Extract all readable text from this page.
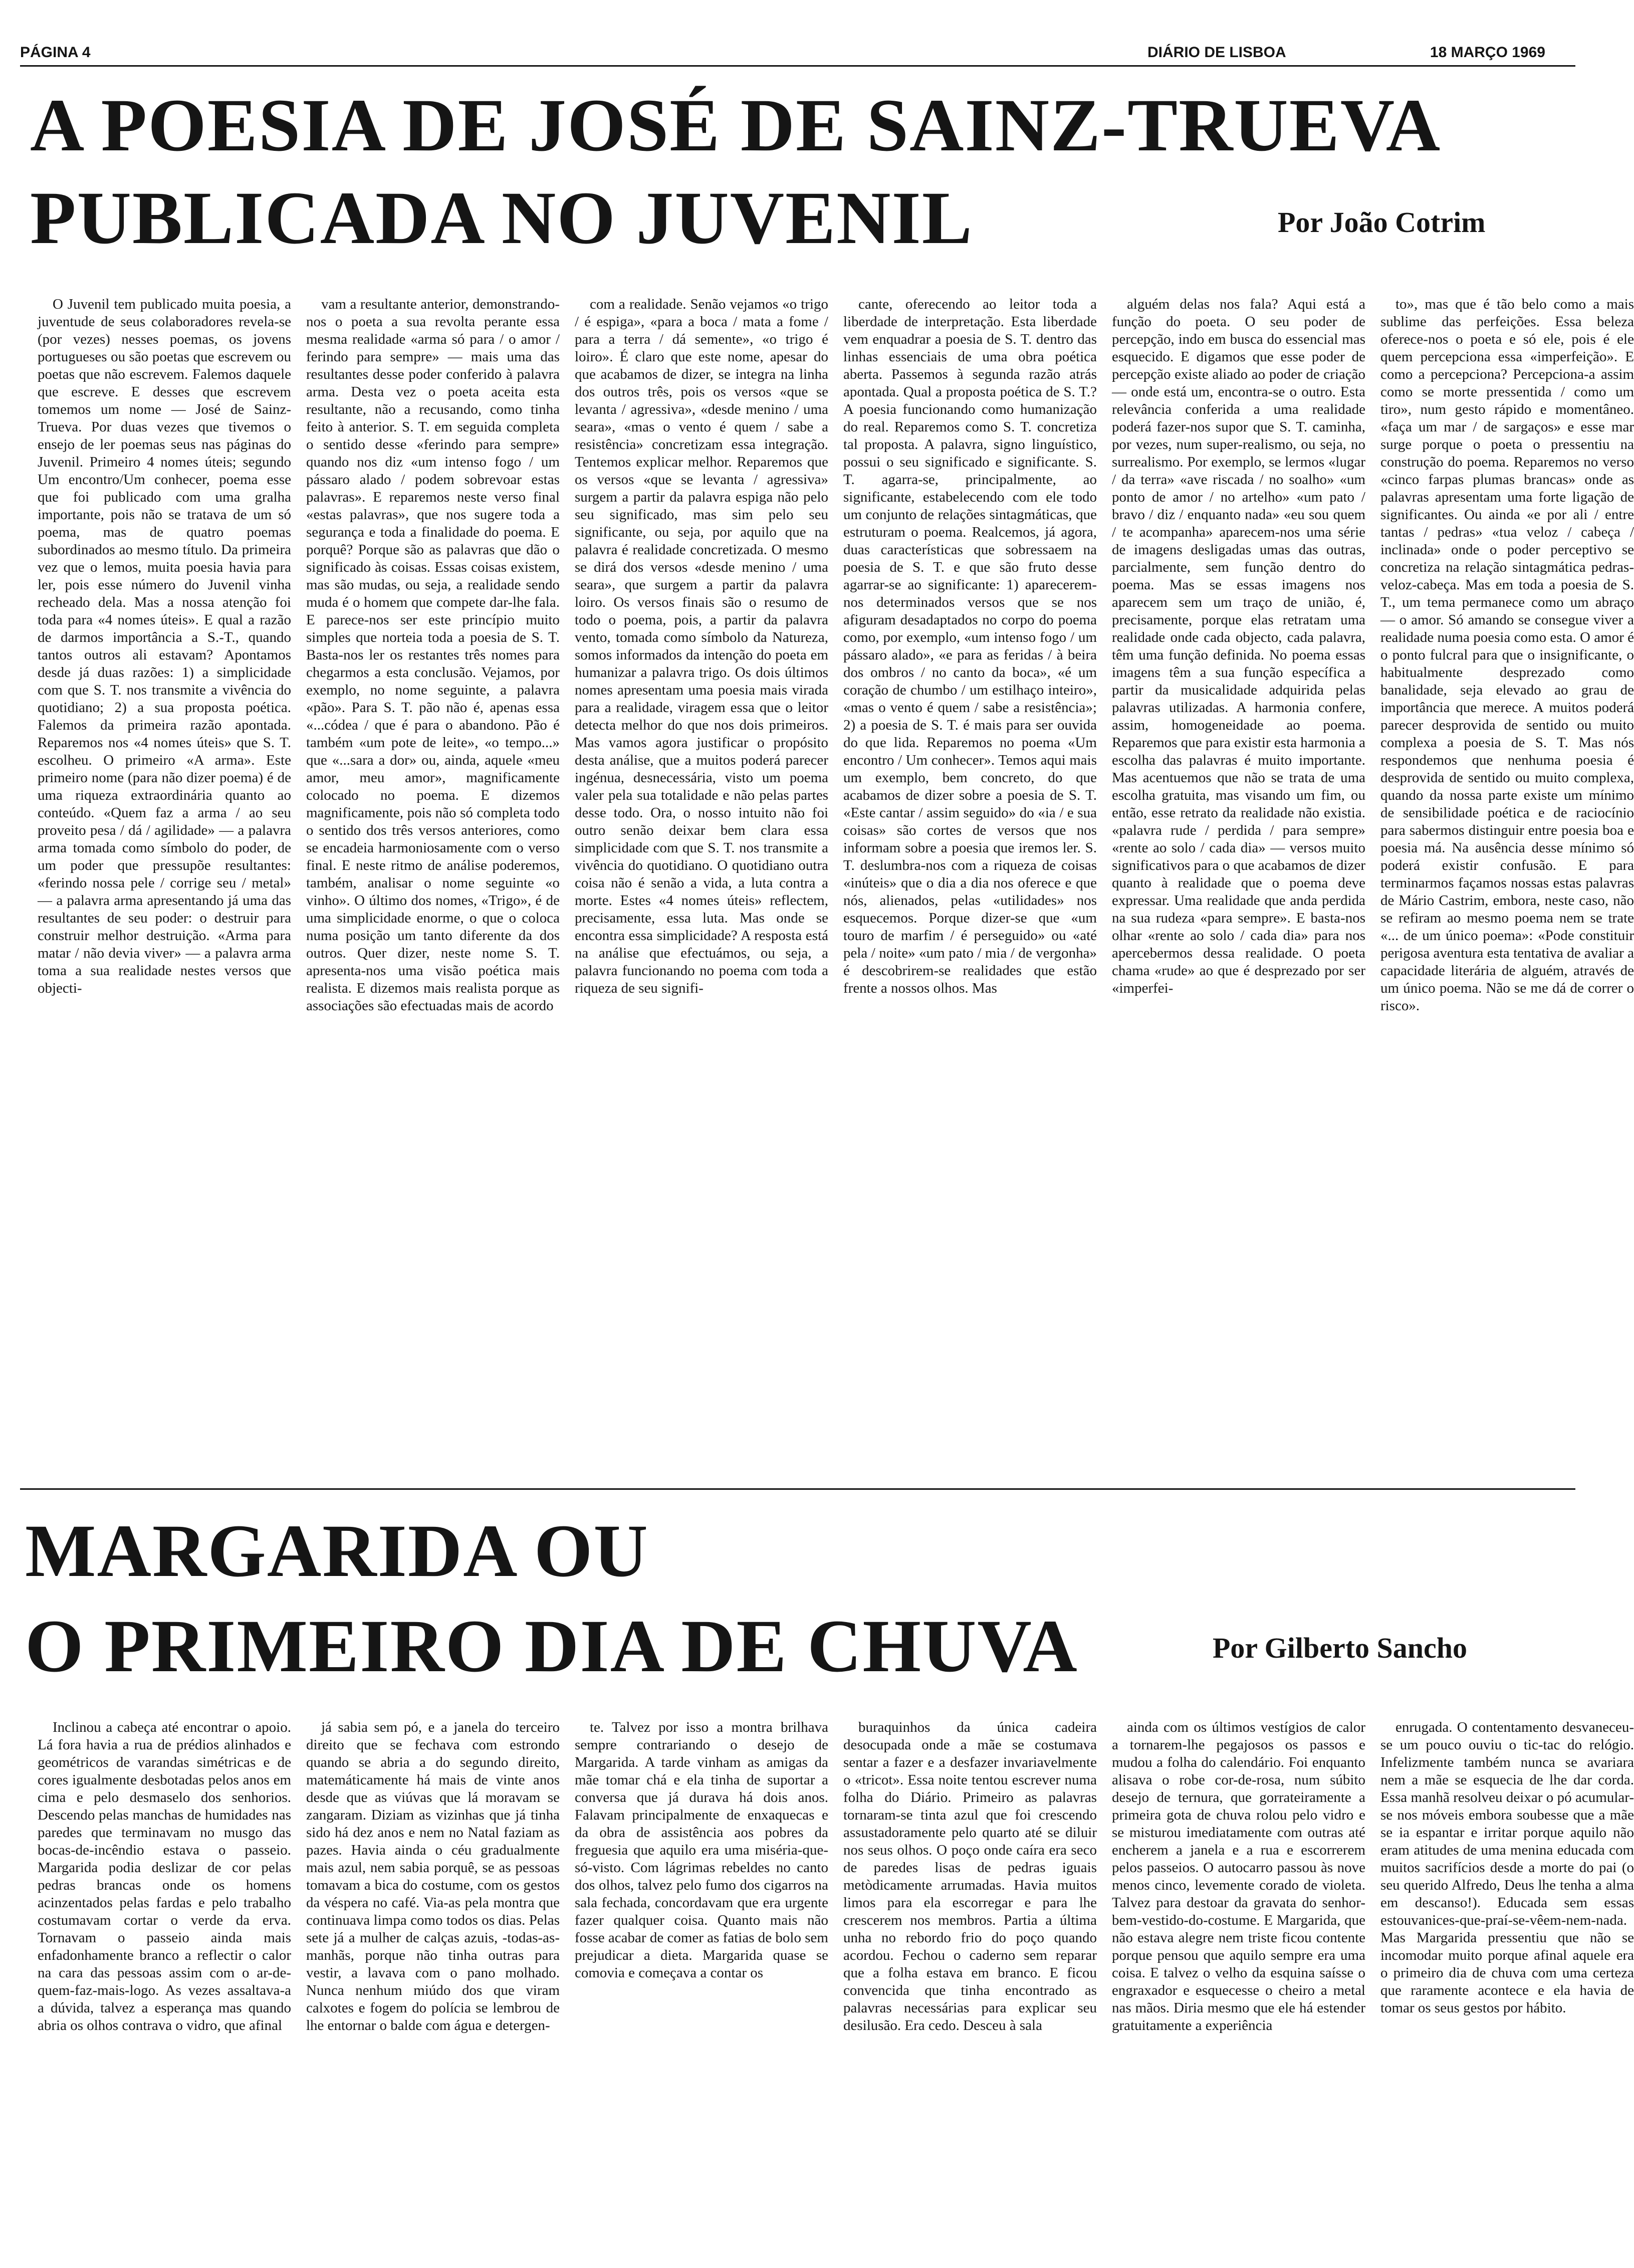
PÁGINA 4	DIÁRIO DE LISBOA	18 MARÇO 1969
A POESIA DE JOSÉ DE SAINZ-TRUEVA
PUBLICADA NO JUVENIL	Por João Cotrim

O Juvenil tem publicado muita poesia, a juventude de seus colaboradores revela-se (por vezes) nesses poemas, os jovens portugueses ou são poetas que escrevem ou poetas que não escrevem. Falemos daquele que escreve. E desses que escrevem tomemos um nome — José de Sainz-Trueva. Por duas vezes que tivemos o ensejo de ler poemas seus nas páginas do Juvenil. Primeiro 4 nomes úteis; segundo Um encontro/Um conhecer, poema esse que foi publicado com uma gralha importante, pois não se tratava de um só poema, mas de quatro poemas subordinados ao mesmo título. Da primeira vez que o lemos, muita poesia havia para ler, pois esse número do Juvenil vinha recheado dela. Mas a nossa atenção foi toda para «4 nomes úteis». E qual a razão de darmos importância a S.-T., quando tantos outros ali estavam? Apontamos desde já duas razões: 1) a simplicidade com que S. T. nos transmite a vivência do quotidiano; 2) a sua proposta poética. Falemos da primeira razão apontada. Reparemos nos «4 nomes úteis» que S. T. escolheu. O primeiro «A arma». Este primeiro nome (para não dizer poema) é de uma riqueza extraordinária quanto ao conteúdo. «Quem faz a arma / ao seu proveito pesa / dá / agilidade» — a palavra arma tomada como símbolo do poder, de um poder que pressupõe resultantes: «ferindo nossa pele / corrige seu / metal» — a palavra arma apresentando já uma das resultantes de seu poder: o destruir para construir melhor destruição. «Arma para matar / não devia viver» — a palavra arma toma a sua realidade nestes versos que objecti-

vam a resultante anterior, demonstrando-nos o poeta a sua revolta perante essa mesma realidade «arma só para / o amor / ferindo para sempre» — mais uma das resultantes desse poder conferido à palavra arma. Desta vez o poeta aceita esta resultante, não a recusando, como tinha feito à anterior. S. T. em seguida completa o sentido desse «ferindo para sempre» quando nos diz «um intenso fogo / um pássaro alado / podem sobrevoar estas palavras». E reparemos neste verso final «estas palavras», que nos sugere toda a segurança e toda a finalidade do poema. E porquê? Porque são as palavras que dão o significado às coisas. Essas coisas existem, mas são mudas, ou seja, a realidade sendo muda é o homem que compete dar-lhe fala. E parece-nos ser este princípio muito simples que norteia toda a poesia de S. T. Basta-nos ler os restantes três nomes para chegarmos a esta conclusão. Vejamos, por exemplo, no nome seguinte, a palavra «pão». Para S. T. pão não é, apenas essa «...códea / que é para o abandono. Pão é também «um pote de leite», «o tempo...» que «...sara a dor» ou, ainda, aquele «meu amor, meu amor», magnificamente colocado no poema. E dizemos magnificamente, pois não só completa todo o sentido dos três versos anteriores, como se encadeia harmoniosamente com o verso final. E neste ritmo de análise poderemos, também, analisar o nome seguinte «o vinho». O último dos nomes, «Trigo», é de uma simplicidade enorme, o que o coloca numa posição um tanto diferente da dos outros. Quer dizer, neste nome S. T. apresenta-nos uma visão poética mais realista. E dizemos mais realista porque as associações são efectuadas mais de acordo

com a realidade. Senão vejamos «o trigo / é espiga», «para a boca / mata a fome / para a terra / dá semente», «o trigo é loiro». É claro que este nome, apesar do que acabamos de dizer, se integra na linha dos outros três, pois os versos «que se levanta / agressiva», «desde menino / uma seara», «mas o vento é quem / sabe a resistência» concretizam essa integração. Tentemos explicar melhor. Reparemos que os versos «que se levanta / agressiva» surgem a partir da palavra espiga não pelo seu significado, mas sim pelo seu significante, ou seja, por aquilo que na palavra é realidade concretizada. O mesmo se dirá dos versos «desde menino / uma seara», que surgem a partir da palavra loiro. Os versos finais são o resumo de todo o poema, pois, a partir da palavra vento, tomada como símbolo da Natureza, somos informados da intenção do poeta em humanizar a palavra trigo. Os dois últimos nomes apresentam uma poesia mais virada para a realidade, viragem essa que o leitor detecta melhor do que nos dois primeiros. Mas vamos agora justificar o propósito desta análise, que a muitos poderá parecer ingénua, desnecessária, visto um poema valer pela sua totalidade e não pelas partes desse todo. Ora, o nosso intuito não foi outro senão deixar bem clara essa simplicidade com que S. T. nos transmite a vivência do quotidiano. O quotidiano outra coisa não é senão a vida, a luta contra a morte. Estes «4 nomes úteis» reflectem, precisamente, essa luta. Mas onde se encontra essa simplicidade? A resposta está na análise que efectuámos, ou seja, a palavra funcionando no poema com toda a riqueza de seu signifi-

cante, oferecendo ao leitor toda a liberdade de interpretação. Esta liberdade vem enquadrar a poesia de S. T. dentro das linhas essenciais de uma obra poética aberta. Passemos à segunda razão atrás apontada. Qual a proposta poética de S. T.? A poesia funcionando como humanização do real. Reparemos como S. T. concretiza tal proposta. A palavra, signo linguístico, possui o seu significado e significante. S. T. agarra-se, principalmente, ao significante, estabelecendo com ele todo um conjunto de relações sintagmáticas, que estruturam o poema. Realcemos, já agora, duas características que sobressaem na poesia de S. T. e que são fruto desse agarrar-se ao significante: 1) aparecerem-nos determinados versos que se nos afiguram desadaptados no corpo do poema como, por exemplo, «um intenso fogo / um pássaro alado», «e para as feridas / à beira dos ombros / no canto da boca», «é um coração de chumbo / um estilhaço inteiro», «mas o vento é quem / sabe a resistência»; 2) a poesia de S. T. é mais para ser ouvida do que lida. Reparemos no poema «Um encontro / Um conhecer». Temos aqui mais um exemplo, bem concreto, do que acabamos de dizer sobre a poesia de S. T. «Este cantar / assim seguido» do «ia / e sua coisas» são cortes de versos que nos informam sobre a poesia que iremos ler. S. T. deslumbra-nos com a riqueza de coisas «inúteis» que o dia a dia nos oferece e que nós, alienados, pelas «utilidades» nos esquecemos. Porque dizer-se que «um touro de marfim / é perseguido» ou «até pela / noite» «um pato / mia / de vergonha» é descobrirem-se realidades que estão frente a nossos olhos. Mas

alguém delas nos fala? Aqui está a função do poeta. O seu poder de percepção, indo em busca do essencial mas esquecido. E digamos que esse poder de percepção existe aliado ao poder de criação — onde está um, encontra-se o outro. Esta relevância conferida a uma realidade poderá fazer-nos supor que S. T. caminha, por vezes, num super-realismo, ou seja, no surrealismo. Por exemplo, se lermos «lugar / da terra» «ave riscada / no soalho» «um ponto de amor / no artelho» «um pato / bravo / diz / enquanto nada» «eu sou quem / te acompanha» aparecem-nos uma série de imagens desligadas umas das outras, parcialmente, sem função dentro do poema. Mas se essas imagens nos aparecem sem um traço de união, é, precisamente, porque elas retratam uma realidade onde cada objecto, cada palavra, têm uma função definida. No poema essas imagens têm a sua função específica a partir da musicalidade adquirida pelas palavras utilizadas. A harmonia confere, assim, homogeneidade ao poema. Reparemos que para existir esta harmonia a escolha das palavras é muito importante. Mas acentuemos que não se trata de uma escolha gratuita, mas visando um fim, ou então, esse retrato da realidade não existia. «palavra rude / perdida / para sempre» «rente ao solo / cada dia» — versos muito significativos para o que acabamos de dizer quanto à realidade que o poema deve expressar. Uma realidade que anda perdida na sua rudeza «para sempre». E basta-nos olhar «rente ao solo / cada dia» para nos apercebermos dessa realidade. O poeta chama «rude» ao que é desprezado por ser «imperfei-

to», mas que é tão belo como a mais sublime das perfeições. Essa beleza oferece-nos o poeta e só ele, pois é ele quem percepciona essa «imperfeição». E como a percepciona? Percepciona-a assim como se morte pressentida / como um tiro», num gesto rápido e momentâneo. «faça um mar / de sargaços» e esse mar surge porque o poeta o pressentiu na construção do poema. Reparemos no verso «cinco farpas plumas brancas» onde as palavras apresentam uma forte ligação de significantes. Ou ainda «e por ali / entre tantas / pedras» «tua veloz / cabeça / inclinada» onde o poder perceptivo se concretiza na relação sintagmática pedras-veloz-cabeça. Mas em toda a poesia de S. T., um tema permanece como um abraço — o amor. Só amando se consegue viver a realidade numa poesia como esta. O amor é o ponto fulcral para que o insignificante, o habitualmente desprezado como banalidade, seja elevado ao grau de importância que merece. A muitos poderá parecer desprovida de sentido ou muito complexa a poesia de S. T. Mas nós respondemos que nenhuma poesia é desprovida de sentido ou muito complexa, quando da nossa parte existe um mínimo de sensibilidade poética e de raciocínio para sabermos distinguir entre poesia boa e poesia má. Na ausência desse mínimo só poderá existir confusão. E para terminarmos façamos nossas estas palavras de Mário Castrim, embora, neste caso, não se refiram ao mesmo poema nem se trate «... de um único poema»: «Pode constituir perigosa aventura esta tentativa de avaliar a capacidade literária de alguém, através de um único poema. Não se me dá de correr o risco».

MARGARIDA OU
O PRIMEIRO DIA DE CHUVA	Por Gilberto Sancho

Inclinou a cabeça até encontrar o apoio. Lá fora havia a rua de prédios alinhados e geométricos de varandas simétricas e de cores igualmente desbotadas pelos anos em cima e pelo desmaselo dos senhorios. Descendo pelas manchas de humidades nas paredes que terminavam no musgo das bocas-de-incêndio estava o passeio. Margarida podia deslizar de cor pelas pedras brancas onde os homens acinzentados pelas fardas e pelo trabalho costumavam cortar o verde da erva. Tornavam o passeio ainda mais enfadonhamente branco a reflectir o calor na cara das pessoas assim com o ar-de-quem-faz-mais-logo. As vezes assaltava-a a dúvida, talvez a esperança mas quando abria os olhos contrava o vidro, que afinal

já sabia sem pó, e a janela do terceiro direito que se fechava com estrondo quando se abria a do segundo direito, matemáticamente há mais de vinte anos desde que as viúvas que lá moravam se zangaram. Diziam as vizinhas que já tinha sido há dez anos e nem no Natal faziam as pazes. Havia ainda o céu gradualmente mais azul, nem sabia porquê, se as pessoas tomavam a bica do costume, com os gestos da véspera no café. Via-as pela montra que continuava limpa como todos os dias. Pelas sete já a mulher de calças azuis, -todas-as-manhãs, porque não tinha outras para vestir, a lavava com o pano molhado. Nunca nenhum miúdo dos que viram calxotes e fogem do polícia se lembrou de lhe entornar o balde com água e detergen-

te. Talvez por isso a montra brilhava sempre contrariando o desejo de Margarida. A tarde vinham as amigas da mãe tomar chá e ela tinha de suportar a conversa que já durava há dois anos. Falavam principalmente de enxaquecas e da obra de assistência aos pobres da freguesia que aquilo era uma miséria-que-só-visto. Com lágrimas rebeldes no canto dos olhos, talvez pelo fumo dos cigarros na sala fechada, concordavam que era urgente fazer qualquer coisa. Quanto mais não fosse acabar de comer as fatias de bolo sem prejudicar a dieta. Margarida quase se comovia e começava a contar os

buraquinhos da única cadeira desocupada onde a mãe se costumava sentar a fazer e a desfazer invariavelmente o «tricot». Essa noite tentou escrever numa folha do Diário. Primeiro as palavras tornaram-se tinta azul que foi crescendo assustadoramente pelo quarto até se diluir nos seus olhos. O poço onde caíra era seco de paredes lisas de pedras iguais metòdicamente arrumadas. Havia muitos limos para ela escorregar e para lhe crescerem nos membros. Partia a última unha no rebordo frio do poço quando acordou. Fechou o caderno sem reparar que a folha estava em branco. E ficou convencida que tinha encontrado as palavras necessárias para explicar seu desilusão. Era cedo. Desceu à sala

ainda com os últimos vestígios de calor a tornarem-lhe pegajosos os passos e mudou a folha do calendário. Foi enquanto alisava o robe cor-de-rosa, num súbito desejo de ternura, que gorrateiramente a primeira gota de chuva rolou pelo vidro e se misturou imediatamente com outras até encherem a janela e a rua e escorrerem pelos passeios. O autocarro passou às nove menos cinco, levemente corado de violeta. Talvez para destoar da gravata do senhor-bem-vestido-do-costume. E Margarida, que não estava alegre nem triste ficou contente porque pensou que aquilo sempre era uma coisa. E talvez o velho da esquina saísse o engraxador e esquecesse o cheiro a metal nas mãos. Diria mesmo que ele há estender gratuitamente a experiência

enrugada. O contentamento desvaneceu-se um pouco ouviu o tic-tac do relógio. Infelizmente também nunca se avariara nem a mãe se esquecia de lhe dar corda. Essa manhã resolveu deixar o pó acumular-se nos móveis embora soubesse que a mãe se ia espantar e irritar porque aquilo não eram atitudes de uma menina educada com muitos sacrifícios desde a morte do pai (o seu querido Alfredo, Deus lhe tenha a alma em descanso!). Educada sem essas estouvanices-que-praí-se-vêem-nem-nada. Mas Margarida pressentiu que não se incomodar muito porque afinal aquele era o primeiro dia de chuva com uma certeza que raramente acontece e ela havia de tomar os seus gestos por hábito.
